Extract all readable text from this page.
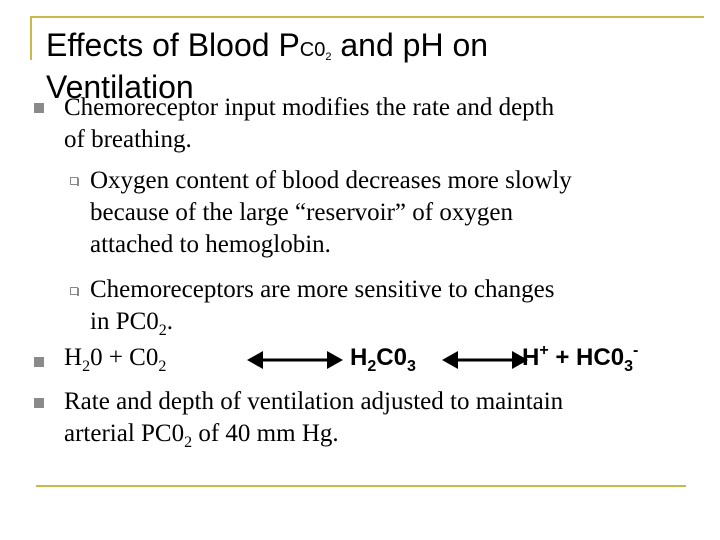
Effects of Blood PC02 and pH on
Ventilation
Chemoreceptor input modifies the rate and depth
of breathing.
Oxygen content of blood decreases more slowly
because of the large “reservoir” of oxygen
attached to hemoglobin.
Chemoreceptors are more sensitive to changes
in $PC0_2$.
$H_20 + C0_2$	$H_2C0_3$	$H^+ + HC0_3^-$
Rate and depth of ventilation adjusted to maintain
arterial $PC0_2$ of 40 mm Hg.
